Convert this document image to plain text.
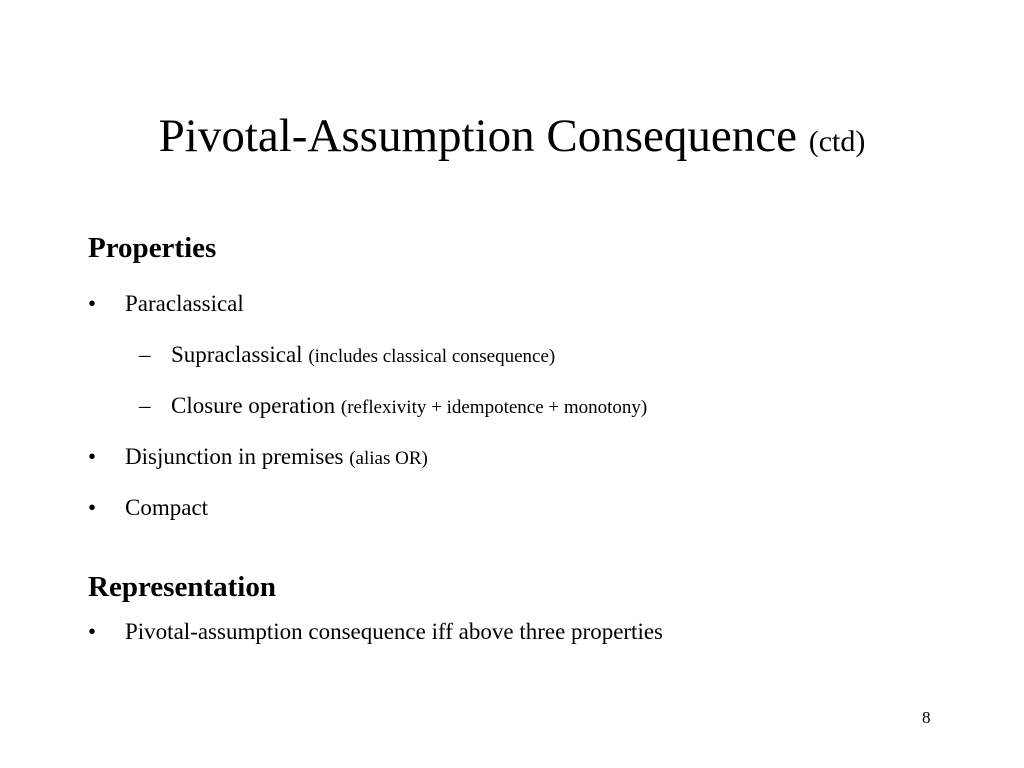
Pivotal-Assumption Consequence (ctd)
Properties
• Paraclassical
– Supraclassical (includes classical consequence)
– Closure operation (reflexivity + idempotence + monotony)
• Disjunction in premises (alias OR)
• Compact
Representation
• Pivotal-assumption consequence iff above three properties
8
